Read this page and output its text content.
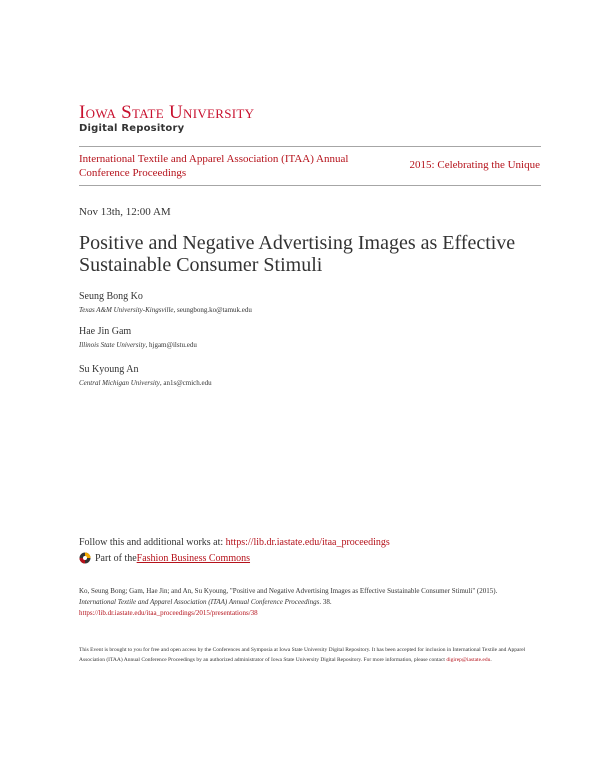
Iowa State University
Digital Repository
International Textile and Apparel Association (ITAA) Annual Conference Proceedings
2015: Celebrating the Unique
Nov 13th, 12:00 AM
Positive and Negative Advertising Images as Effective Sustainable Consumer Stimuli
Seung Bong Ko
Texas A&M University-Kingsville, seungbong.ko@tamuk.edu
Hae Jin Gam
Illinois State University, hjgam@ilstu.edu
Su Kyoung An
Central Michigan University, an1s@cmich.edu
Follow this and additional works at: https://lib.dr.iastate.edu/itaa_proceedings
Part of the Fashion Business Commons
Ko, Seung Bong; Gam, Hae Jin; and An, Su Kyoung, "Positive and Negative Advertising Images as Effective Sustainable Consumer Stimuli" (2015). International Textile and Apparel Association (ITAA) Annual Conference Proceedings. 38.
https://lib.dr.iastate.edu/itaa_proceedings/2015/presentations/38
This Event is brought to you for free and open access by the Conferences and Symposia at Iowa State University Digital Repository. It has been accepted for inclusion in International Textile and Apparel Association (ITAA) Annual Conference Proceedings by an authorized administrator of Iowa State University Digital Repository. For more information, please contact digirep@iastate.edu.
